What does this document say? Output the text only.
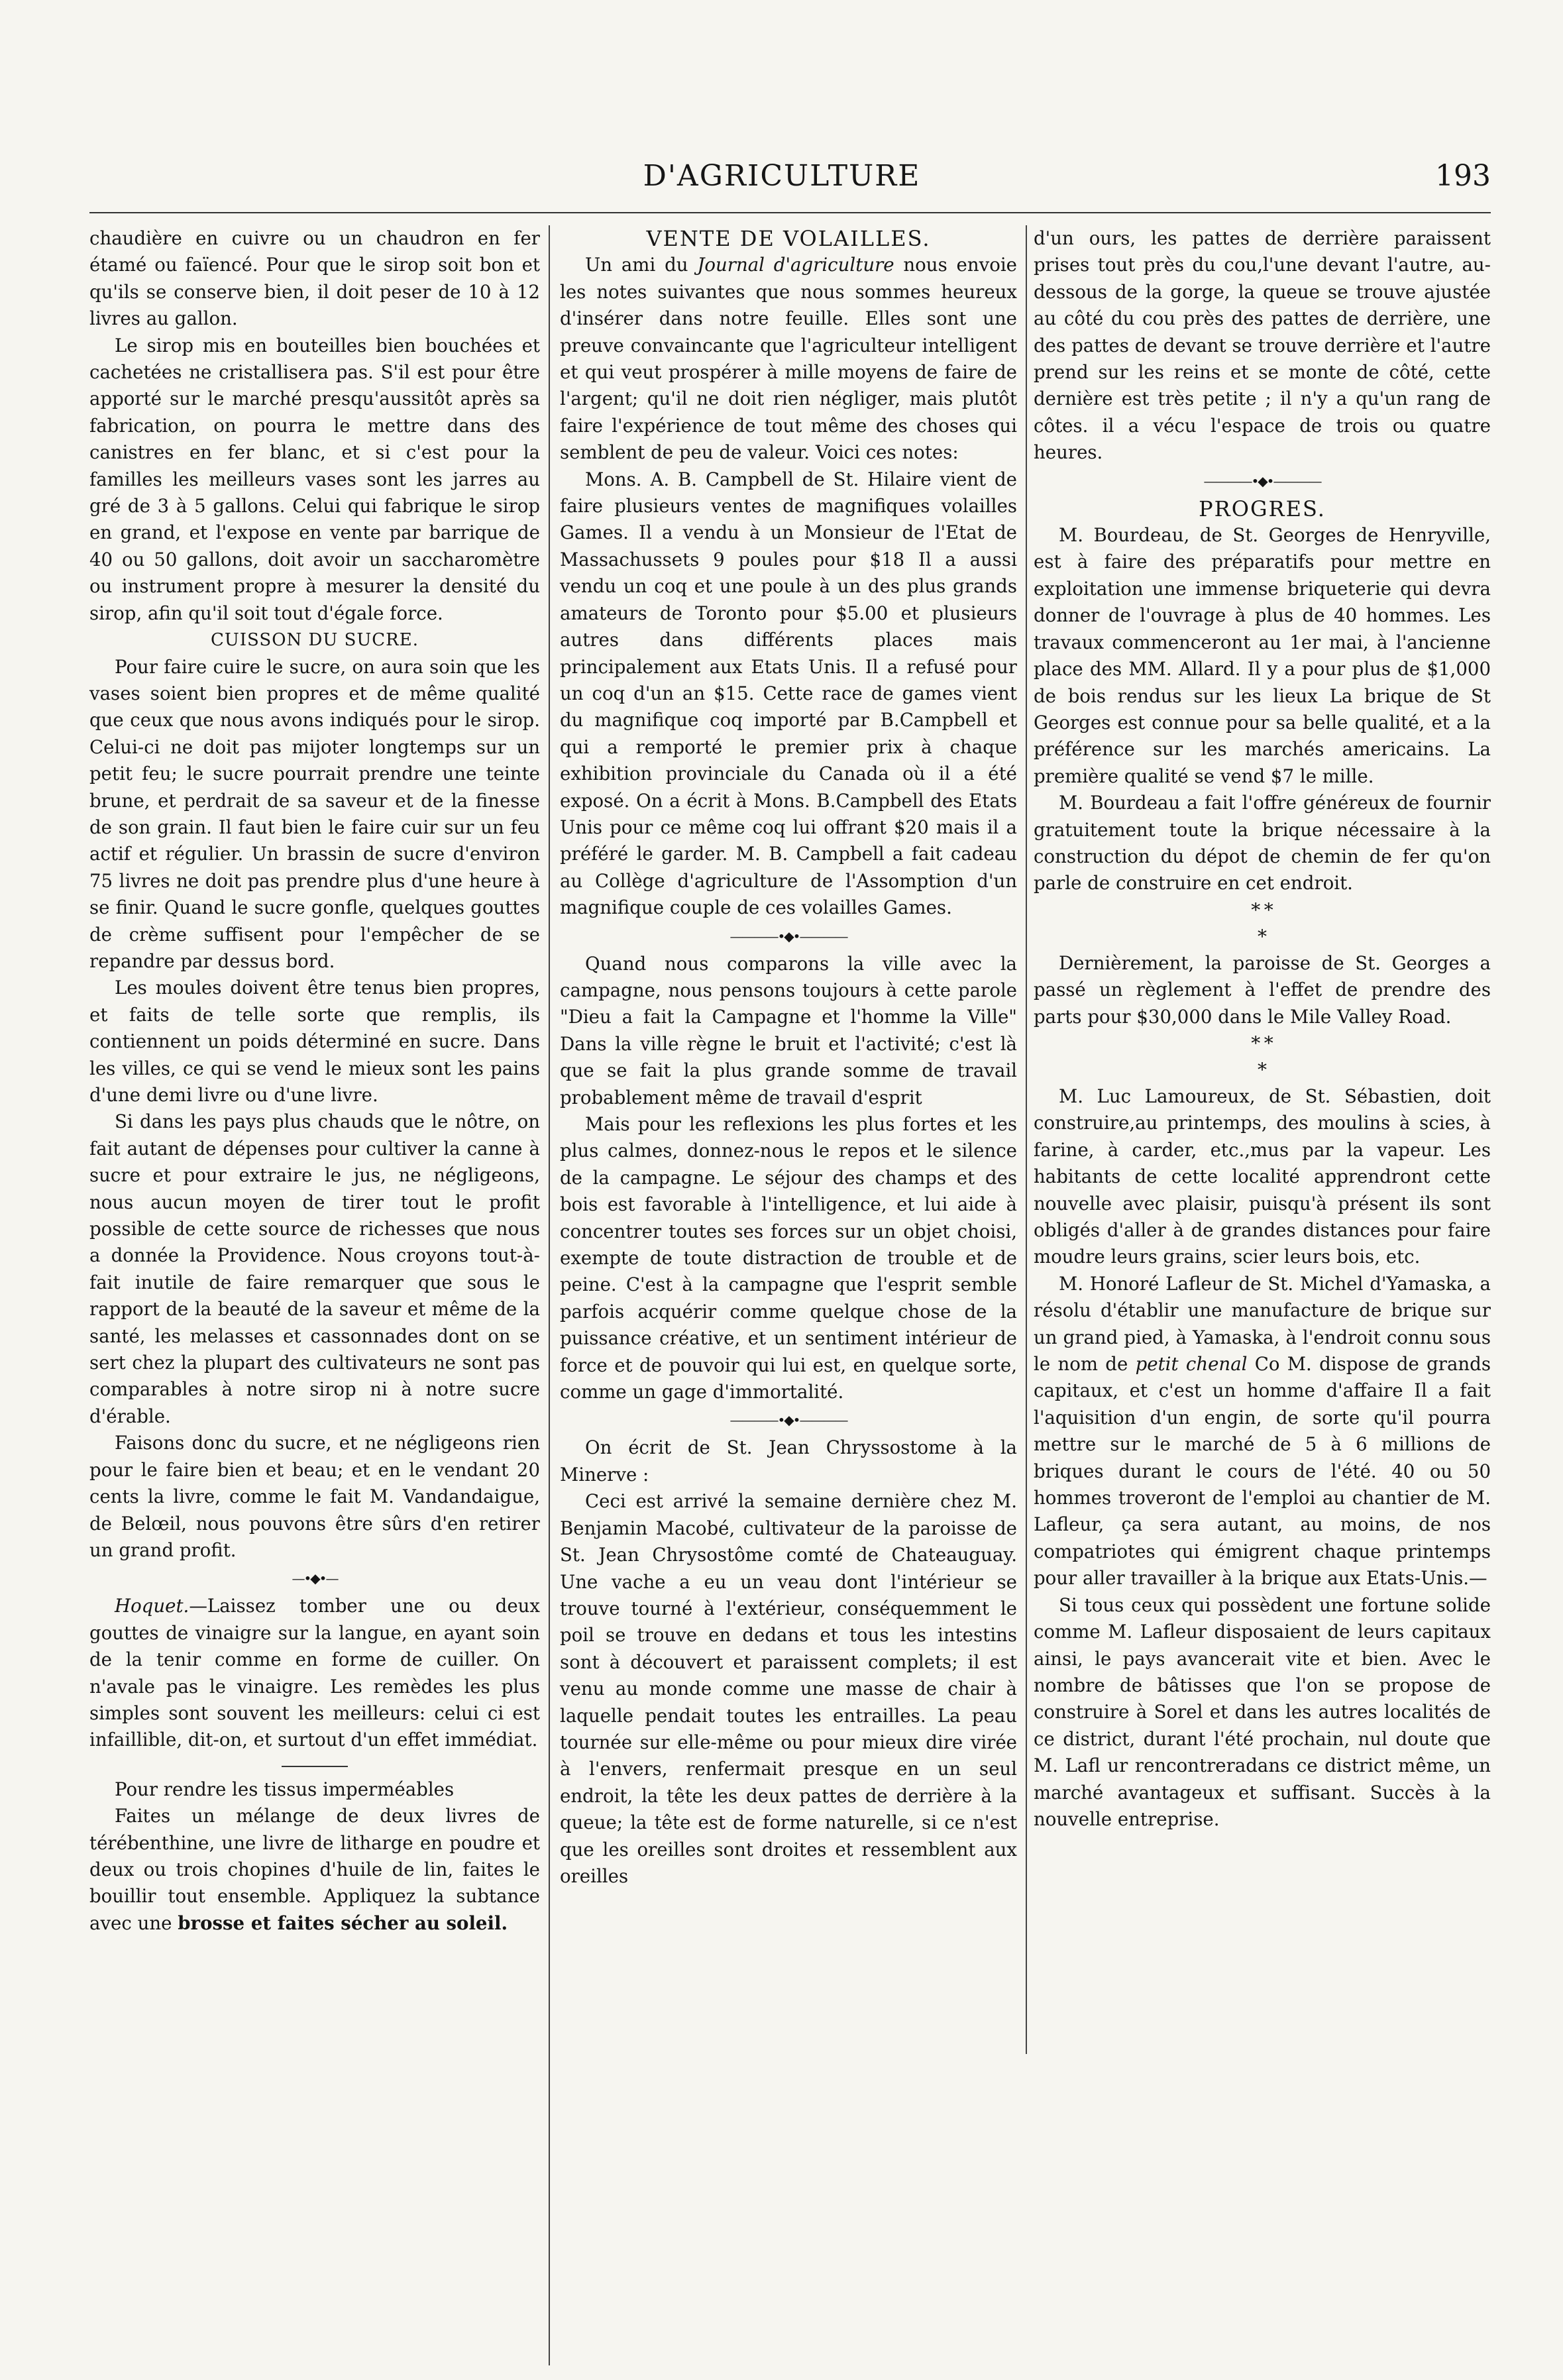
D'AGRICULTURE	193

chaudière en cuivre ou un chaudron en fer étamé ou faïencé. Pour que le sirop soit bon et qu'ils se conserve bien, il doit peser de 10 à 12 livres au gallon.

Le sirop mis en bouteilles bien bouchées et cachetées ne cristallisera pas. S'il est pour être apporté sur le marché presqu'aussitôt après sa fabrication, on pourra le mettre dans des canistres en fer blanc, et si c'est pour la familles les meilleurs vases sont les jarres au gré de 3 à 5 gallons. Celui qui fabrique le sirop en grand, et l'expose en vente par barrique de 40 ou 50 gallons, doit avoir un saccharomètre ou instrument propre à mesurer la densité du sirop, afin qu'il soit tout d'égale force.

CUISSON DU SUCRE.

Pour faire cuire le sucre, on aura soin que les vases soient bien propres et de même qualité que ceux que nous avons indiqués pour le sirop. Celui-ci ne doit pas mijoter longtemps sur un petit feu; le sucre pourrait prendre une teinte brune, et perdrait de sa saveur et de la finesse de son grain. Il faut bien le faire cuir sur un feu actif et régulier. Un brassin de sucre d'environ 75 livres ne doit pas prendre plus d'une heure à se finir. Quand le sucre gonfle, quelques gouttes de crème suffisent pour l'empêcher de se repandre par dessus bord.

Les moules doivent être tenus bien propres, et faits de telle sorte que remplis, ils contiennent un poids déterminé en sucre. Dans les villes, ce qui se vend le mieux sont les pains d'une demi livre ou d'une livre.

Si dans les pays plus chauds que le nôtre, on fait autant de dépenses pour cultiver la canne à sucre et pour extraire le jus, ne négligeons, nous aucun moyen de tirer tout le profit possible de cette source de richesses que nous a donnée la Providence. Nous croyons tout-à-fait inutile de faire remarquer que sous le rapport de la beauté de la saveur et même de la santé, les melasses et cassonnades dont on se sert chez la plupart des cultivateurs ne sont pas comparables à notre sirop ni à notre sucre d'érable.

Faisons donc du sucre, et ne négligeons rien pour le faire bien et beau; et en le vendant 20 cents la livre, comme le fait M. Vandandaigue, de Belœil, nous pouvons être sûrs d'en retirer un grand profit.

—•◆•—

Hoquet.—Laissez tomber une ou deux gouttes de vinaigre sur la langue, en ayant soin de la tenir comme en forme de cuiller. On n'avale pas le vinaigre. Les remèdes les plus simples sont souvent les meilleurs: celui ci est infaillible, dit-on, et surtout d'un effet immédiat.

Pour rendre les tissus imperméables

Faites un mélange de deux livres de térébenthine, une livre de litharge en poudre et deux ou trois chopines d'huile de lin, faites le bouillir tout ensemble. Appliquez la subtance avec une brosse et faites sécher au soleil.

VENTE DE VOLAILLES.

Un ami du Journal d'agriculture nous envoie les notes suivantes que nous sommes heureux d'insérer dans notre feuille. Elles sont une preuve convaincante que l'agriculteur intelligent et qui veut prospérer à mille moyens de faire de l'argent; qu'il ne doit rien négliger, mais plutôt faire l'expérience de tout même des choses qui semblent de peu de valeur. Voici ces notes:

Mons. A. B. Campbell de St. Hilaire vient de faire plusieurs ventes de magnifiques volailles Games. Il a vendu à un Monsieur de l'Etat de Massachussets 9 poules pour $18 Il a aussi vendu un coq et une poule à un des plus grands amateurs de Toronto pour $5.00 et plusieurs autres dans différents places mais principalement aux Etats Unis. Il a refusé pour un coq d'un an $15. Cette race de games vient du magnifique coq importé par B.Campbell et qui a remporté le premier prix à chaque exhibition provinciale du Canada où il a été exposé. On a écrit à Mons. B.Campbell des Etats Unis pour ce même coq lui offrant $20 mais il a préféré le garder. M. B. Campbell a fait cadeau au Collège d'agriculture de l'Assomption d'un magnifique couple de ces volailles Games.

————•◆•————

Quand nous comparons la ville avec la campagne, nous pensons toujours à cette parole "Dieu a fait la Campagne et l'homme la Ville" Dans la ville règne le bruit et l'activité; c'est là que se fait la plus grande somme de travail probablement même de travail d'esprit

Mais pour les reflexions les plus fortes et les plus calmes, donnez-nous le repos et le silence de la campagne. Le séjour des champs et des bois est favorable à l'intelligence, et lui aide à concentrer toutes ses forces sur un objet choisi, exempte de toute distraction de trouble et de peine. C'est à la campagne que l'esprit semble parfois acquérir comme quelque chose de la puissance créative, et un sentiment intérieur de force et de pouvoir qui lui est, en quelque sorte, comme un gage d'immortalité.

————•◆•————

On écrit de St. Jean Chryssostome à la Minerve :

Ceci est arrivé la semaine dernière chez M. Benjamin Macobé, cultivateur de la paroisse de St. Jean Chrysostôme comté de Chateauguay. Une vache a eu un veau dont l'intérieur se trouve tourné à l'extérieur, conséquemment le poil se trouve en dedans et tous les intestins sont à découvert et paraissent complets; il est venu au monde comme une masse de chair à laquelle pendait toutes les entrailles. La peau tournée sur elle-même ou pour mieux dire virée à l'envers, renfermait presque en un seul endroit, la tête les deux pattes de derrière à la queue; la tête est de forme naturelle, si ce n'est que les oreilles sont droites et ressemblent aux oreilles

d'un ours, les pattes de derrière paraissent prises tout près du cou,l'une devant l'autre, au-dessous de la gorge, la queue se trouve ajustée au côté du cou près des pattes de derrière, une des pattes de devant se trouve derrière et l'autre prend sur les reins et se monte de côté, cette dernière est très petite ; il n'y a qu'un rang de côtes. il a vécu l'espace de trois ou quatre heures.

————•◆•————

PROGRES.

M. Bourdeau, de St. Georges de Henryville, est à faire des préparatifs pour mettre en exploitation une immense briqueterie qui devra donner de l'ouvrage à plus de 40 hommes. Les travaux commenceront au 1er mai, à l'ancienne place des MM. Allard. Il y a pour plus de $1,000 de bois rendus sur les lieux La brique de St Georges est connue pour sa belle qualité, et a la préférence sur les marchés americains. La première qualité se vend $7 le mille.

M. Bourdeau a fait l'offre généreux de fournir gratuitement toute la brique nécessaire à la construction du dépot de chemin de fer qu'on parle de construire en cet endroit.

* *
*

Dernièrement, la paroisse de St. Georges a passé un règlement à l'effet de prendre des parts pour $30,000 dans le Mile Valley Road.

* *
*

M. Luc Lamoureux, de St. Sébastien, doit construire,au printemps, des moulins à scies, à farine, à carder, etc.,mus par la vapeur. Les habitants de cette localité apprendront cette nouvelle avec plaisir, puisqu'à présent ils sont obligés d'aller à de grandes distances pour faire moudre leurs grains, scier leurs bois, etc.

M. Honoré Lafleur de St. Michel d'Yamaska, a résolu d'établir une manufacture de brique sur un grand pied, à Yamaska, à l'endroit connu sous le nom de petit chenal Co M. dispose de grands capitaux, et c'est un homme d'affaire Il a fait l'aquisition d'un engin, de sorte qu'il pourra mettre sur le marché de 5 à 6 millions de briques durant le cours de l'été. 40 ou 50 hommes troveront de l'emploi au chantier de M. Lafleur, ça sera autant, au moins, de nos compatriotes qui émigrent chaque printemps pour aller travailler à la brique aux Etats-Unis.—

Si tous ceux qui possèdent une fortune solide comme M. Lafleur disposaient de leurs capitaux ainsi, le pays avancerait vite et bien. Avec le nombre de bâtisses que l'on se propose de construire à Sorel et dans les autres localités de ce district, durant l'été prochain, nul doute que M. Lafl ur rencontreradans ce district même, un marché avantageux et suffisant. Succès à la nouvelle entreprise.
